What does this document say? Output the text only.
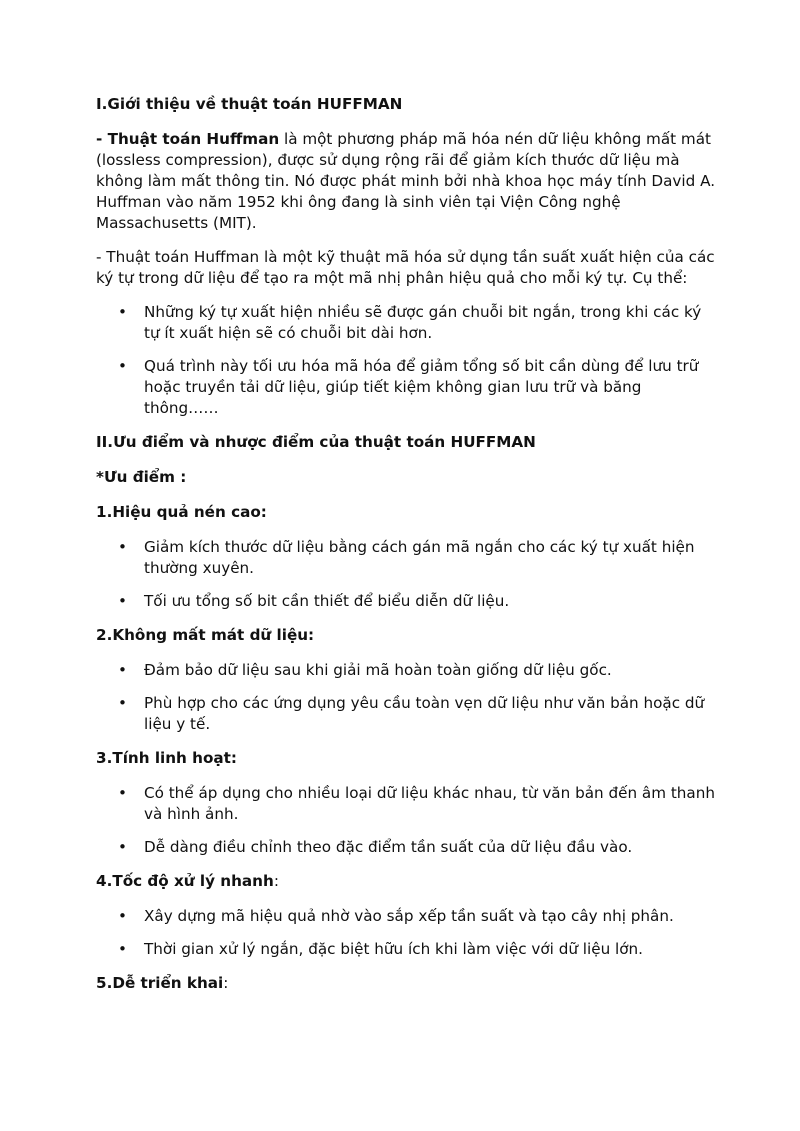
I.Giới thiệu về thuật toán HUFFMAN

- Thuật toán Huffman là một phương pháp mã hóa nén dữ liệu không mất mát (lossless compression), được sử dụng rộng rãi để giảm kích thước dữ liệu mà không làm mất thông tin. Nó được phát minh bởi nhà khoa học máy tính David A. Huffman vào năm 1952 khi ông đang là sinh viên tại Viện Công nghệ Massachusetts (MIT).

- Thuật toán Huffman là một kỹ thuật mã hóa sử dụng tần suất xuất hiện của các ký tự trong dữ liệu để tạo ra một mã nhị phân hiệu quả cho mỗi ký tự. Cụ thể:

• Những ký tự xuất hiện nhiều sẽ được gán chuỗi bit ngắn, trong khi các ký tự ít xuất hiện sẽ có chuỗi bit dài hơn.
• Quá trình này tối ưu hóa mã hóa để giảm tổng số bit cần dùng để lưu trữ hoặc truyền tải dữ liệu, giúp tiết kiệm không gian lưu trữ và băng thông……

II.Ưu điểm và nhược điểm của thuật toán HUFFMAN

*Ưu điểm :

1.Hiệu quả nén cao:

• Giảm kích thước dữ liệu bằng cách gán mã ngắn cho các ký tự xuất hiện thường xuyên.
• Tối ưu tổng số bit cần thiết để biểu diễn dữ liệu.

2.Không mất mát dữ liệu:

• Đảm bảo dữ liệu sau khi giải mã hoàn toàn giống dữ liệu gốc.
• Phù hợp cho các ứng dụng yêu cầu toàn vẹn dữ liệu như văn bản hoặc dữ liệu y tế.

3.Tính linh hoạt:

• Có thể áp dụng cho nhiều loại dữ liệu khác nhau, từ văn bản đến âm thanh và hình ảnh.
• Dễ dàng điều chỉnh theo đặc điểm tần suất của dữ liệu đầu vào.

4.Tốc độ xử lý nhanh:

• Xây dựng mã hiệu quả nhờ vào sắp xếp tần suất và tạo cây nhị phân.
• Thời gian xử lý ngắn, đặc biệt hữu ích khi làm việc với dữ liệu lớn.

5.Dễ triển khai:
